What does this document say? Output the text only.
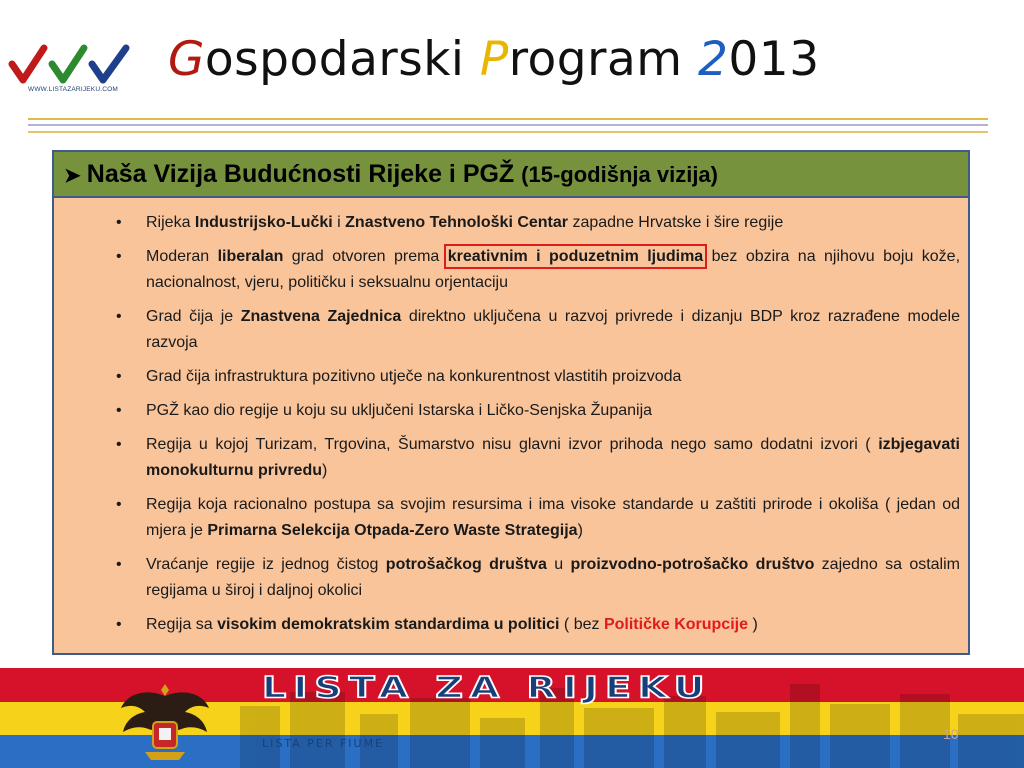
WWW.LISTAZARIJEKU.COM
Gospodarski Program 2013
➤ Naša Vizija Budućnosti Rijeke i PGŽ (15-godišnja vizija)
• Rijeka Industrijsko-Lučki i Znastveno Tehnološki Centar zapadne Hrvatske i šire regije
• Moderan liberalan grad otvoren prema kreativnim i poduzetnim ljudima bez obzira na njihovu boju kože, nacionalnost, vjeru, političku i seksualnu orjentaciju
• Grad čija je Znastvena Zajednica direktno uključena u razvoj privrede i dizanju BDP kroz razrađene modele razvoja
• Grad čija infrastruktura pozitivno utječe na konkurentnost vlastitih proizvoda
• PGŽ kao dio regije u koju su uključeni Istarska i Ličko-Senjska Županija
• Regija u kojoj Turizam, Trgovina, Šumarstvo nisu glavni izvor prihoda nego samo dodatni izvori ( izbjegavati monokulturnu privredu)
• Regija koja racionalno postupa sa svojim resursima i ima visoke standarde u zaštiti prirode i okoliša ( jedan od mjera je Primarna Selekcija Otpada-Zero Waste Strategija)
• Vraćanje regije iz jednog čistog potrošačkog društva u proizvodno-potrošačko društvo zajedno sa ostalim regijama u široj i daljnoj okolici
• Regija sa visokim demokratskim standardima u politici ( bez Političke Korupcije )
LISTA ZA RIJEKU
LISTA PER FIUME
10
